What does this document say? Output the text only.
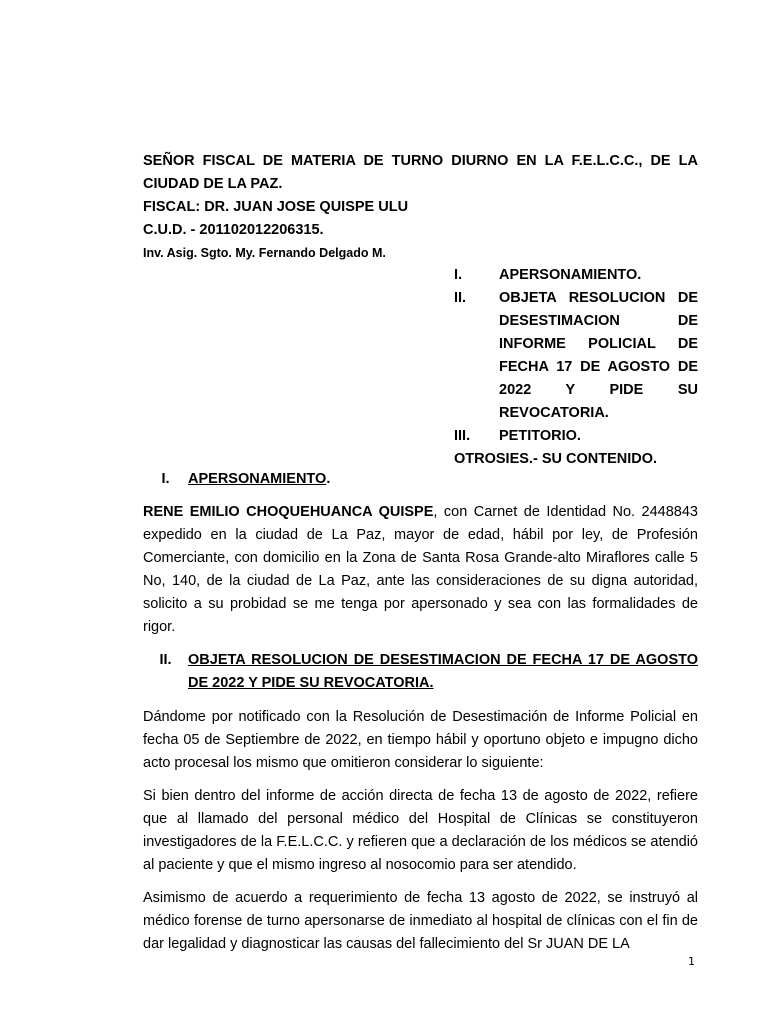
SEÑOR FISCAL DE MATERIA DE TURNO DIURNO EN LA F.E.L.C.C., DE LA

CIUDAD DE LA PAZ.

FISCAL: DR. JUAN JOSE QUISPE ULU

C.U.D. - 201102012206315.

Inv. Asig. Sgto. My. Fernando Delgado M.

I.	APERSONAMIENTO.
II.	OBJETA RESOLUCION DE DESESTIMACION DE INFORME POLICIAL DE FECHA 17 DE AGOSTO DE 2022 Y PIDE SU REVOCATORIA.
III.	PETITORIO.
OTROSIES.- SU CONTENIDO.
I.	APERSONAMIENTO.

RENE EMILIO CHOQUEHUANCA QUISPE, con Carnet de Identidad No. 2448843 expedido en la ciudad de La Paz, mayor de edad, hábil por ley, de Profesión Comerciante, con domicilio en la Zona de Santa Rosa Grande-alto Miraflores calle 5 No, 140, de la ciudad de La Paz, ante las consideraciones de su digna autoridad, solicito a su probidad se me tenga por apersonado y sea con las formalidades de rigor.

II.	OBJETA RESOLUCION DE DESESTIMACION DE FECHA 17 DE AGOSTO DE 2022 Y PIDE SU REVOCATORIA.

Dándome por notificado con la Resolución de Desestimación de Informe Policial en fecha 05 de Septiembre de 2022, en tiempo hábil y oportuno objeto e impugno dicho acto procesal los mismo que omitieron considerar lo siguiente:

Si bien dentro del informe de acción directa de fecha 13 de agosto de 2022, refiere que al llamado del personal médico del Hospital de Clínicas se constituyeron investigadores de la F.E.L.C.C. y refieren que a declaración de los médicos se atendió al paciente y que el mismo ingreso al nosocomio para ser atendido.

Asimismo de acuerdo a requerimiento de fecha 13 agosto de 2022, se instruyó al médico forense de turno apersonarse de inmediato al hospital de clínicas con el fin de dar legalidad y diagnosticar las causas del fallecimiento del Sr JUAN DE LA

1
